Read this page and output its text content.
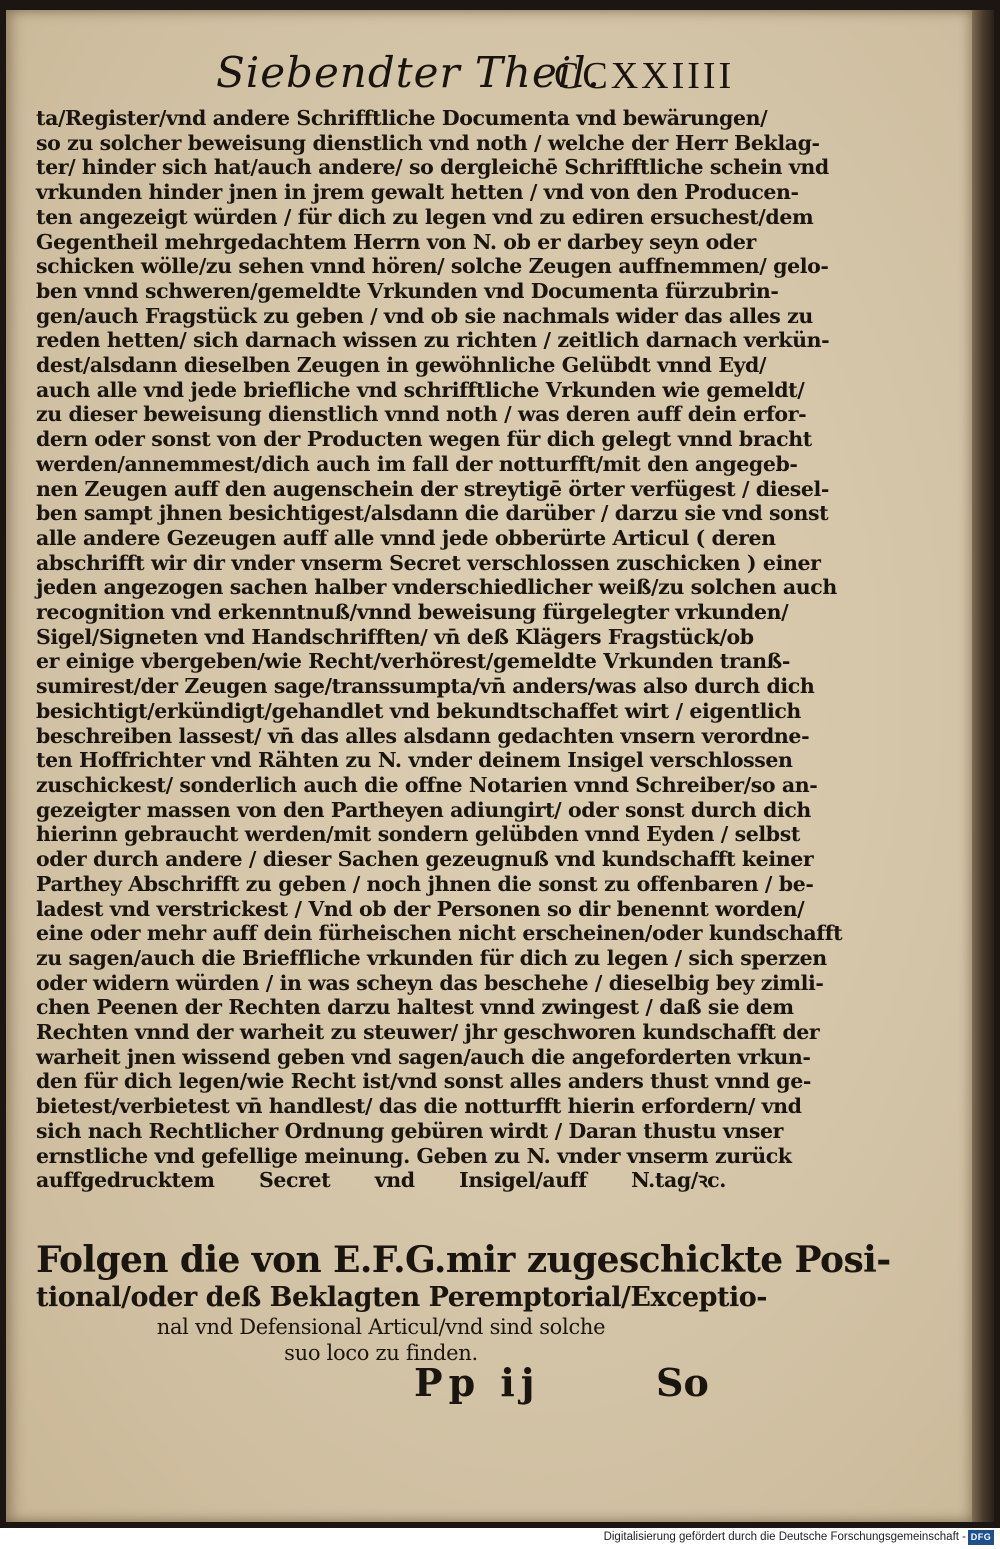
Siebendter Theil.
CCXXIIII
ta/Register/vnd andere Schrifftliche Documenta vnd bewärungen/
so zu solcher beweisung dienstlich vnd noth / welche der Herr Beklag-
ter/ hinder sich hat/auch andere/ so dergleichē Schrifftliche schein vnd
vrkunden hinder jnen in jrem gewalt hetten / vnd von den Producen-
ten angezeigt würden / für dich zu legen vnd zu ediren ersuchest/dem
Gegentheil mehrgedachtem Herrn von N. ob er darbey seyn oder
schicken wölle/zu sehen vnnd hören/ solche Zeugen auffnemmen/ gelo-
ben vnnd schweren/gemeldte Vrkunden vnd Documenta fürzubrin-
gen/auch Fragstück zu geben / vnd ob sie nachmals wider das alles zu
reden hetten/ sich darnach wissen zu richten / zeitlich darnach verkün-
dest/alsdann dieselben Zeugen in gewöhnliche Gelübdt vnnd Eyd/
auch alle vnd jede briefliche vnd schrifftliche Vrkunden wie gemeldt/
zu dieser beweisung dienstlich vnnd noth / was deren auff dein erfor-
dern oder sonst von der Producten wegen für dich gelegt vnnd bracht
werden/annemmest/dich auch im fall der notturfft/mit den angegeb-
nen Zeugen auff den augenschein der streytigē örter verfügest / diesel-
ben sampt jhnen besichtigest/alsdann die darüber / darzu sie vnd sonst
alle andere Gezeugen auff alle vnnd jede obberürte Articul ( deren
abschrifft wir dir vnder vnserm Secret verschlossen zuschicken ) einer
jeden angezogen sachen halber vnderschiedlicher weiß/zu solchen auch
recognition vnd erkenntnuß/vnnd beweisung fürgelegter vrkunden/
Sigel/Signeten vnd Handschrifften/ vn̄ deß Klägers Fragstück/ob
er einige vbergeben/wie Recht/verhörest/gemeldte Vrkunden tranß-
sumirest/der Zeugen sage/transsumpta/vn̄ anders/was also durch dich
besichtigt/erkündigt/gehandlet vnd bekundtschaffet wirt / eigentlich
beschreiben lassest/ vn̄ das alles alsdann gedachten vnsern verordne-
ten Hoffrichter vnd Rähten zu N. vnder deinem Insigel verschlossen
zuschickest/ sonderlich auch die offne Notarien vnnd Schreiber/so an-
gezeigter massen von den Partheyen adiungirt/ oder sonst durch dich
hierinn gebraucht werden/mit sondern gelübden vnnd Eyden / selbst
oder durch andere / dieser Sachen gezeugnuß vnd kundschafft keiner
Parthey Abschrifft zu geben / noch jhnen die sonst zu offenbaren / be-
ladest vnd verstrickest / Vnd ob der Personen so dir benennt worden/
eine oder mehr auff dein fürheischen nicht erscheinen/oder kundschafft
zu sagen/auch die Brieffliche vrkunden für dich zu legen / sich sperzen
oder widern würden / in was scheyn das beschehe / dieselbig bey zimli-
chen Peenen der Rechten darzu haltest vnnd zwingest / daß sie dem
Rechten vnnd der warheit zu steuwer/ jhr geschworen kundschafft der
warheit jnen wissend geben vnd sagen/auch die angeforderten vrkun-
den für dich legen/wie Recht ist/vnd sonst alles anders thust vnnd ge-
bietest/verbietest vn̄ handlest/ das die notturfft hierin erfordern/ vnd
sich nach Rechtlicher Ordnung gebüren wirdt / Daran thustu vnser
ernstliche vnd gefellige meinung. Geben zu N. vnder vnserm zurück
auffgedrucktem Secret vnd Insigel/auff N.tag/ꝛc.
Folgen die von E.F.G.mir zugeschickte Posi-
tional/oder deß Beklagten Peremptorial/Exceptio-
nal vnd Defensional Articul/vnd sind solche
suo loco zu finden.
Pp ij	So
Digitalisierung gefördert durch die Deutsche Forschungsgemeinschaft - DFG
